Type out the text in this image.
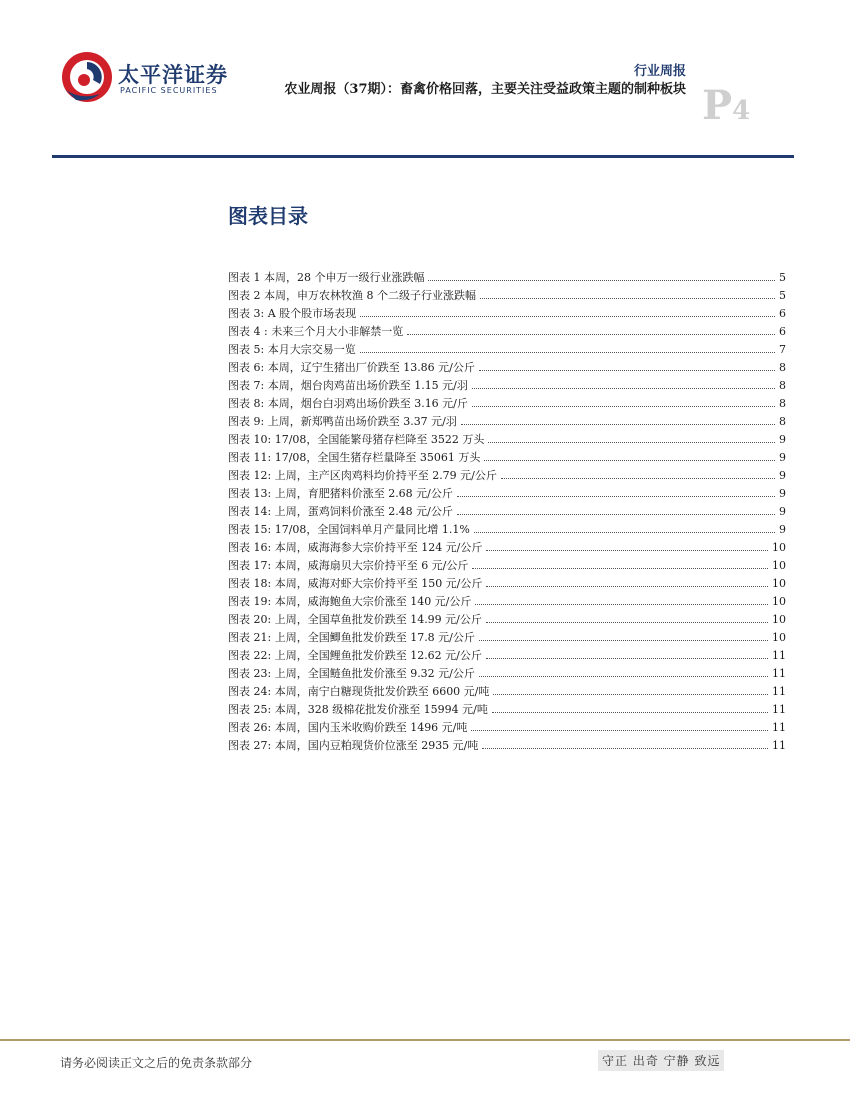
太平洋证券
PACIFIC SECURITIES
行业周报
农业周报（37期）：畜禽价格回落，主要关注受益政策主题的制种板块 P4
图表目录
图表 1 本周，28 个申万一级行业涨跌幅	5
图表 2 本周，申万农林牧渔 8 个二级子行业涨跌幅	5
图表 3: A 股个股市场表现	6
图表 4 : 未来三个月大小非解禁一览	6
图表 5: 本月大宗交易一览	7
图表 6: 本周，辽宁生猪出厂价跌至 13.86 元/公斤	8
图表 7: 本周，烟台肉鸡苗出场价跌至 1.15 元/羽	8
图表 8: 本周，烟台白羽鸡出场价跌至 3.16 元/斤	8
图表 9: 上周，新郑鸭苗出场价跌至 3.37 元/羽	8
图表 10: 17/08，全国能繁母猪存栏降至 3522 万头	9
图表 11: 17/08，全国生猪存栏量降至 35061 万头	9
图表 12: 上周，主产区肉鸡料均价持平至 2.79 元/公斤	9
图表 13: 上周，育肥猪料价涨至 2.68 元/公斤	9
图表 14: 上周，蛋鸡饲料价涨至 2.48 元/公斤	9
图表 15: 17/08，全国饲料单月产量同比增 1.1%	9
图表 16: 本周，威海海参大宗价持平至 124 元/公斤	10
图表 17: 本周，威海扇贝大宗价持平至 6 元/公斤	10
图表 18: 本周，威海对虾大宗价持平至 150 元/公斤	10
图表 19: 本周，威海鲍鱼大宗价涨至 140 元/公斤	10
图表 20: 上周，全国草鱼批发价跌至 14.99 元/公斤	10
图表 21: 上周，全国鲫鱼批发价跌至 17.8 元/公斤	10
图表 22: 上周，全国鲤鱼批发价跌至 12.62 元/公斤	11
图表 23: 上周，全国鲢鱼批发价涨至 9.32 元/公斤	11
图表 24: 本周，南宁白糖现货批发价跌至 6600 元/吨	11
图表 25: 本周，328 级棉花批发价涨至 15994 元/吨	11
图表 26: 本周，国内玉米收购价跌至 1496 元/吨	11
图表 27: 本周，国内豆粕现货价位涨至 2935 元/吨	11
请务必阅读正文之后的免责条款部分	守正 出奇 宁静 致远
